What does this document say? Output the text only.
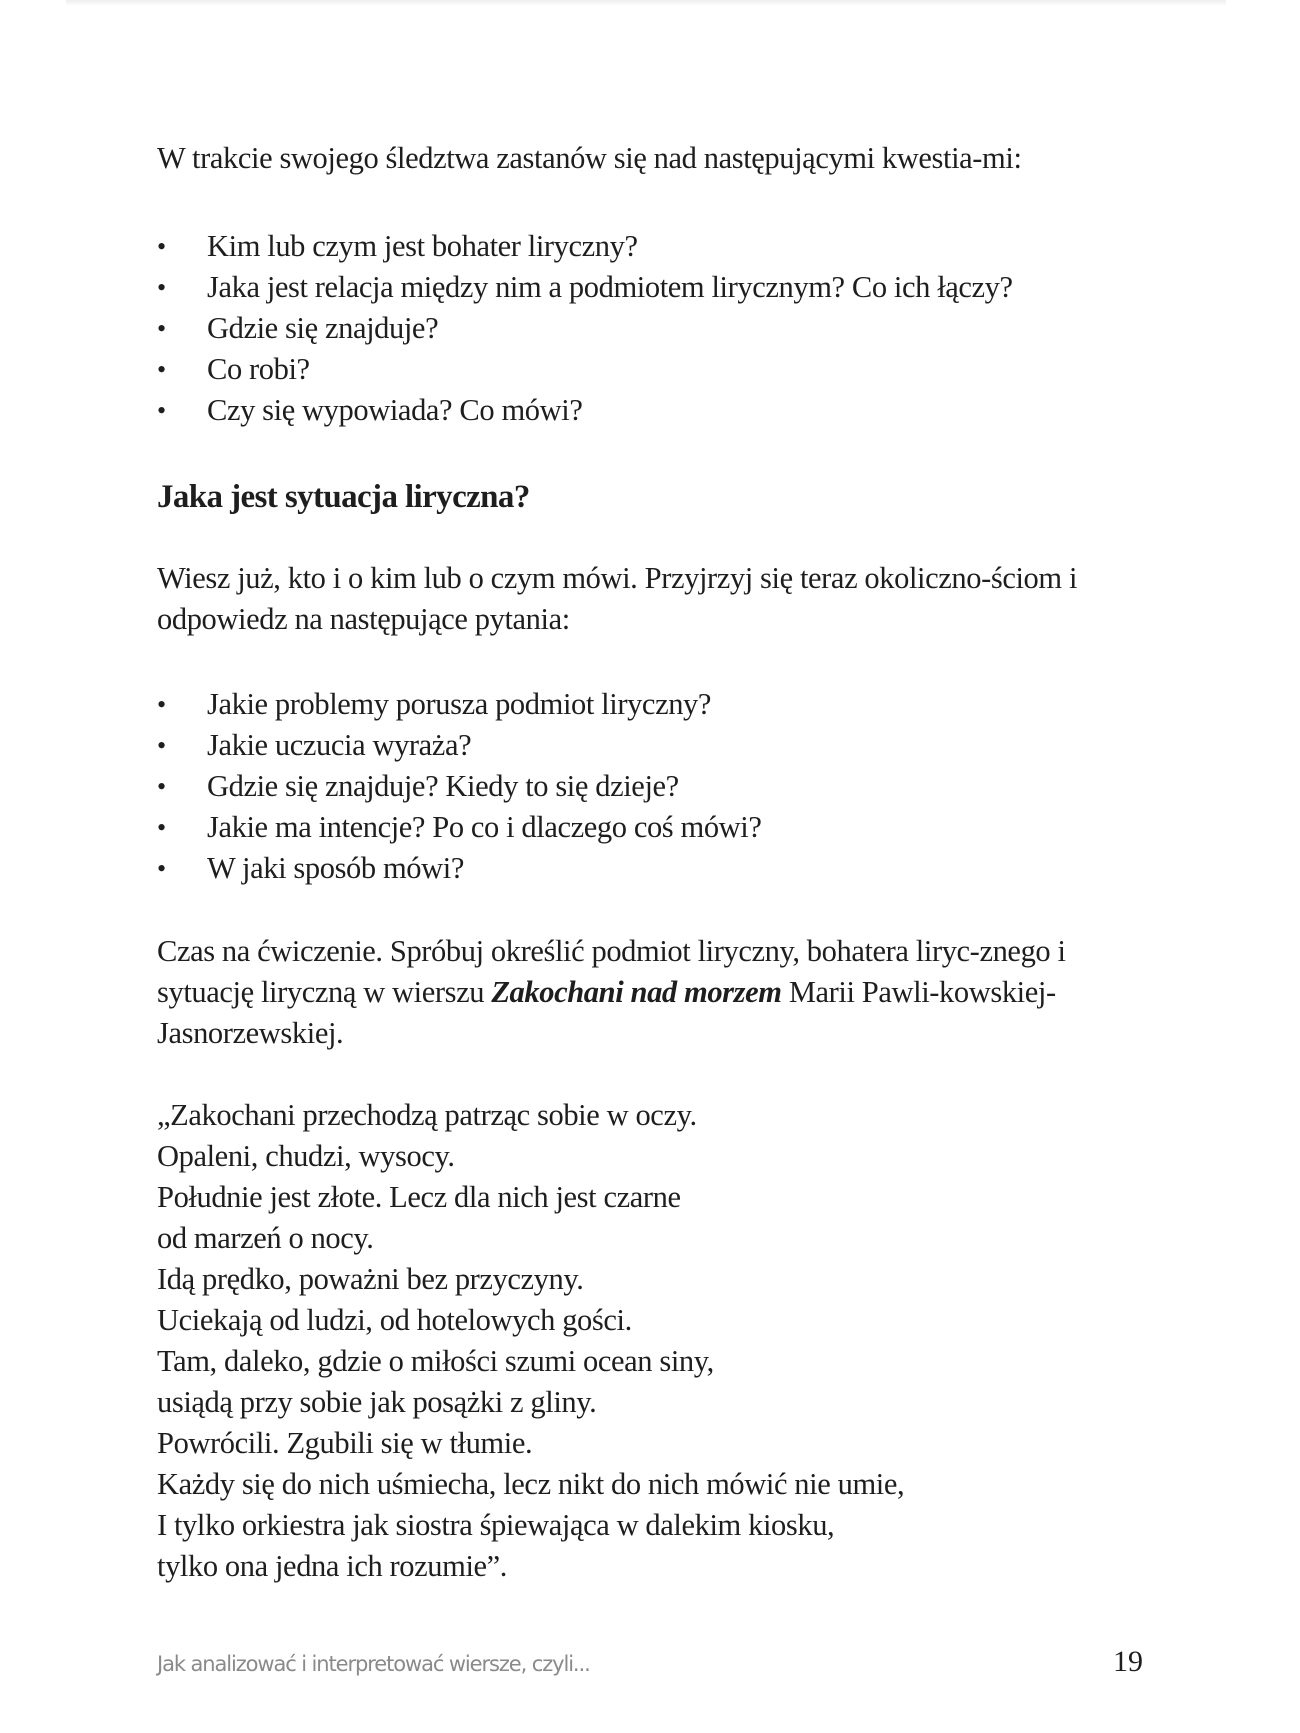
W trakcie swojego śledztwa zastanów się nad następującymi kwestia-mi:

•	Kim lub czym jest bohater liryczny?
•	Jaka jest relacja między nim a podmiotem lirycznym? Co ich łączy?
•	Gdzie się znajduje?
•	Co robi?
•	Czy się wypowiada? Co mówi?
Jaka jest sytuacja liryczna?

Wiesz już, kto i o kim lub o czym mówi. Przyjrzyj się teraz okoliczno-ściom i odpowiedz na następujące pytania:

•	Jakie problemy porusza podmiot liryczny?
•	Jakie uczucia wyraża?
•	Gdzie się znajduje? Kiedy to się dzieje?
•	Jakie ma intencje? Po co i dlaczego coś mówi?
•	W jaki sposób mówi?

Czas na ćwiczenie. Spróbuj określić podmiot liryczny, bohatera liryc-znego i sytuację liryczną w wierszu Zakochani nad morzem Marii Pawli-kowskiej-Jasnorzewskiej.

„Zakochani przechodzą patrząc sobie w oczy.
Opaleni, chudzi, wysocy.
Południe jest złote. Lecz dla nich jest czarne
od marzeń o nocy.
Idą prędko, poważni bez przyczyny.
Uciekają od ludzi, od hotelowych gości.
Tam, daleko, gdzie o miłości szumi ocean siny,
usiądą przy sobie jak posążki z gliny.
Powrócili. Zgubili się w tłumie.
Każdy się do nich uśmiecha, lecz nikt do nich mówić nie umie,
I tylko orkiestra jak siostra śpiewająca w dalekim kiosku,
tylko ona jedna ich rozumie”.
Jak analizować i interpretować wiersze, czyli...	19
